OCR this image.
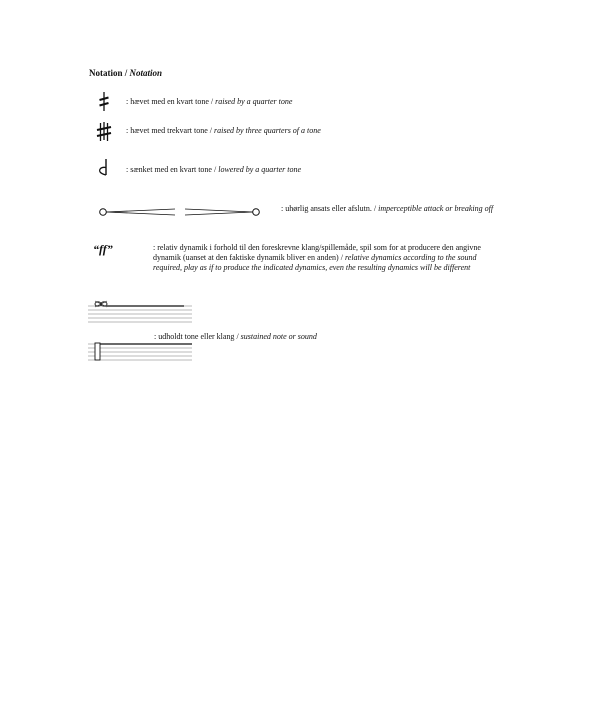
Notation / Notation
: hævet med en kvart tone / raised by a quarter tone
: hævet med trekvart tone / raised by three quarters of a tone
: sænket med en kvart tone / lowered by a quarter tone
: uhørlig ansats eller afslutn. / imperceptible attack or breaking off
“ff”	: relativ dynamik i forhold til den foreskrevne klang/spillemåde, spil som for at producere den angivne dynamik (uanset at den faktiske dynamik bliver en anden) / relative dynamics according to the sound required, play as if to produce the indicated dynamics, even the resulting dynamics will be different
: udholdt tone eller klang / sustained note or sound
